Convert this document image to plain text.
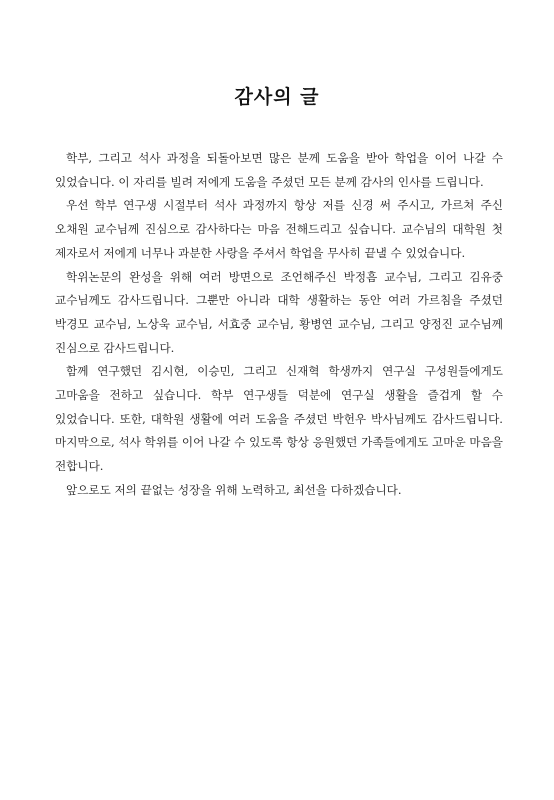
감사의 글

학부, 그리고 석사 과정을 되돌아보면 많은 분께 도움을 받아 학업을 이어 나갈 수 있었습니다. 이 자리를 빌려 저에게 도움을 주셨던 모든 분께 감사의 인사를 드립니다.

우선 학부 연구생 시절부터 석사 과정까지 항상 저를 신경 써 주시고, 가르쳐 주신 오채원 교수님께 진심으로 감사하다는 마음 전해드리고 싶습니다. 교수님의 대학원 첫 제자로서 저에게 너무나 과분한 사랑을 주셔서 학업을 무사히 끝낼 수 있었습니다.

학위논문의 완성을 위해 여러 방면으로 조언해주신 박정흠 교수님, 그리고 김유중 교수님께도 감사드립니다. 그뿐만 아니라 대학 생활하는 동안 여러 가르침을 주셨던 박경모 교수님, 노상욱 교수님, 서효중 교수님, 황병연 교수님, 그리고 양정진 교수님께 진심으로 감사드립니다.

함께 연구했던 김시현, 이승민, 그리고 신재혁 학생까지 연구실 구성원들에게도 고마움을 전하고 싶습니다. 학부 연구생들 덕분에 연구실 생활을 즐겁게 할 수 있었습니다. 또한, 대학원 생활에 여러 도움을 주셨던 박헌우 박사님께도 감사드립니다. 마지막으로, 석사 학위를 이어 나갈 수 있도록 항상 응원했던 가족들에게도 고마운 마음을 전합니다.

앞으로도 저의 끝없는 성장을 위해 노력하고, 최선을 다하겠습니다.
